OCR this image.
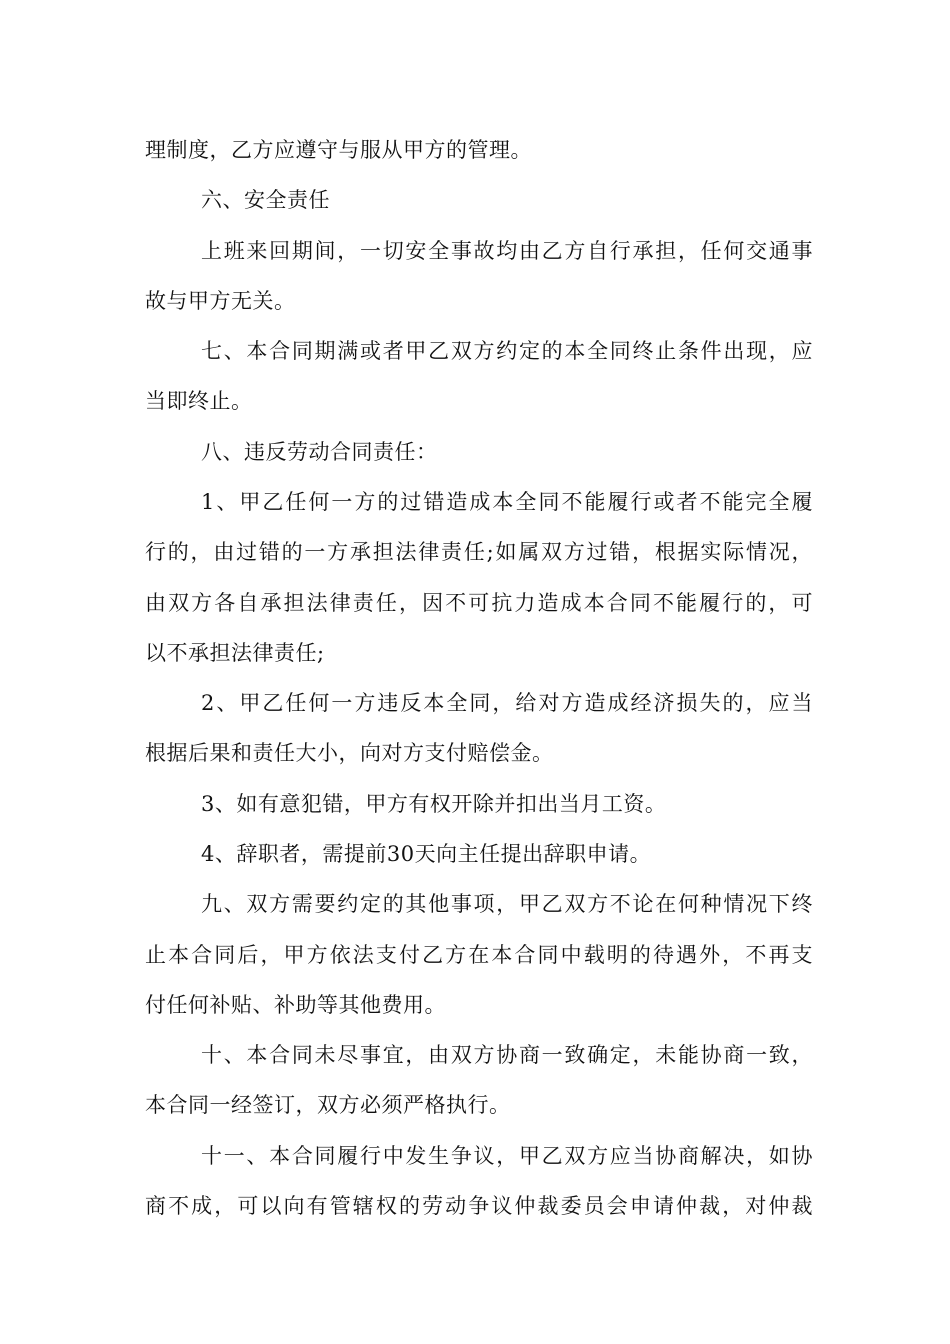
理制度，乙方应遵守与服从甲方的管理。
六、安全责任
上班来回期间，一切安全事故均由乙方自行承担，任何交通事
故与甲方无关。
七、本合同期满或者甲乙双方约定的本全同终止条件出现，应
当即终止。
八、违反劳动合同责任：
1、甲乙任何一方的过错造成本全同不能履行或者不能完全履
行的，由过错的一方承担法律责任;如属双方过错，根据实际情况，
由双方各自承担法律责任，因不可抗力造成本合同不能履行的，可
以不承担法律责任;
2、甲乙任何一方违反本全同，给对方造成经济损失的，应当
根据后果和责任大小，向对方支付赔偿金。
3、如有意犯错，甲方有权开除并扣出当月工资。
4、辞职者，需提前30天向主任提出辞职申请。
九、双方需要约定的其他事项，甲乙双方不论在何种情况下终
止本合同后，甲方依法支付乙方在本合同中载明的待遇外，不再支
付任何补贴、补助等其他费用。
十、本合同未尽事宜，由双方协商一致确定，未能协商一致，
本合同一经签订，双方必须严格执行。
十一、本合同履行中发生争议，甲乙双方应当协商解决，如协
商不成，可以向有管辖权的劳动争议仲裁委员会申请仲裁，对仲裁
